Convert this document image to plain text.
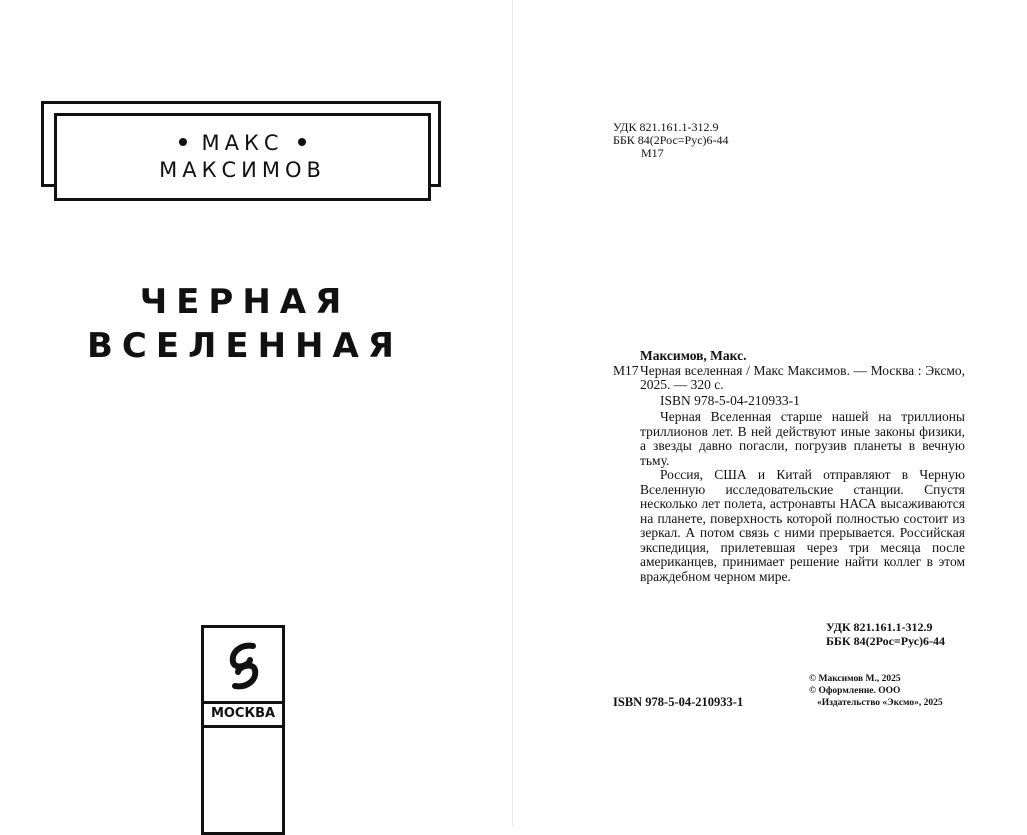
МАКС
МАКСИМОВ
ЧЕРНАЯ
ВСЕЛЕННАЯ
МОСКВА
УДК 821.161.1-312.9
ББК 84(2Рос=Рус)6-44
М17
Максимов, Макс.
М17 Черная вселенная / Макс Максимов. — Москва : Эксмо, 2025. — 320 с.
ISBN 978-5-04-210933-1
Черная Вселенная старше нашей на триллионы триллионов лет. В ней действуют иные законы физики, а звезды давно погасли, погрузив планеты в вечную тьму.
Россия, США и Китай отправляют в Черную Вселенную исследовательские станции. Спустя несколько лет полета, астронавты НАСА высаживаются на планете, поверхность которой полностью состоит из зеркал. А потом связь с ними прерывается. Российская экспедиция, прилетевшая через три месяца после американцев, принимает решение найти коллег в этом враждебном черном мире.
УДК 821.161.1-312.9
ББК 84(2Рос=Рус)6-44
© Максимов М., 2025
© Оформление. ООО
«Издательство «Эксмо», 2025
ISBN 978-5-04-210933-1
